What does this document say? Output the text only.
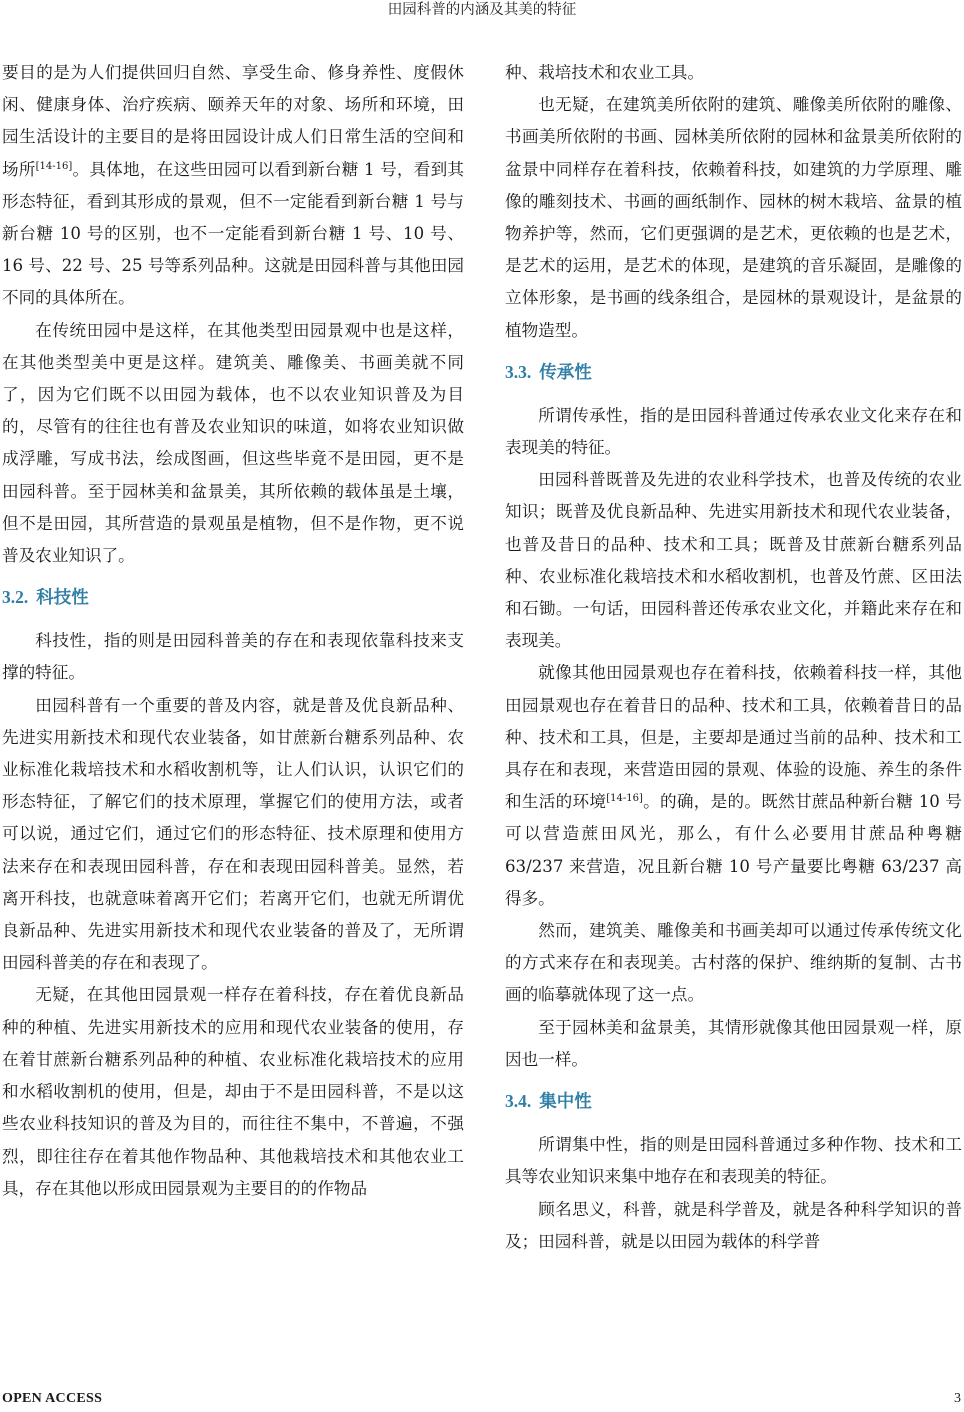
田园科普的内涵及其美的特征

要目的是为人们提供回归自然、享受生命、修身养性、度假休闲、健康身体、治疗疾病、颐养天年的对象、场所和环境，田园生活设计的主要目的是将田园设计成人们日常生活的空间和场所[14-16]。具体地，在这些田园可以看到新台糖 1 号，看到其形态特征，看到其形成的景观，但不一定能看到新台糖 1 号与新台糖 10 号的区别，也不一定能看到新台糖 1 号、10 号、16 号、22 号、25 号等系列品种。这就是田园科普与其他田园不同的具体所在。

在传统田园中是这样，在其他类型田园景观中也是这样，在其他类型美中更是这样。建筑美、雕像美、书画美就不同了，因为它们既不以田园为载体，也不以农业知识普及为目的，尽管有的往往也有普及农业知识的味道，如将农业知识做成浮雕，写成书法，绘成图画，但这些毕竟不是田园，更不是田园科普。至于园林美和盆景美，其所依赖的载体虽是土壤，但不是田园，其所营造的景观虽是植物，但不是作物，更不说普及农业知识了。

3.2. 科技性

科技性，指的则是田园科普美的存在和表现依靠科技来支撑的特征。

田园科普有一个重要的普及内容，就是普及优良新品种、先进实用新技术和现代农业装备，如甘蔗新台糖系列品种、农业标准化栽培技术和水稻收割机等，让人们认识，认识它们的形态特征，了解它们的技术原理，掌握它们的使用方法，或者可以说，通过它们，通过它们的形态特征、技术原理和使用方法来存在和表现田园科普，存在和表现田园科普美。显然，若离开科技，也就意味着离开它们；若离开它们，也就无所谓优良新品种、先进实用新技术和现代农业装备的普及了，无所谓田园科普美的存在和表现了。

无疑，在其他田园景观一样存在着科技，存在着优良新品种的种植、先进实用新技术的应用和现代农业装备的使用，存在着甘蔗新台糖系列品种的种植、农业标准化栽培技术的应用和水稻收割机的使用，但是，却由于不是田园科普，不是以这些农业科技知识的普及为目的，而往往不集中，不普遍，不强烈，即往往存在着其他作物品种、其他栽培技术和其他农业工具，存在其他以形成田园景观为主要目的的作物品

种、栽培技术和农业工具。

也无疑，在建筑美所依附的建筑、雕像美所依附的雕像、书画美所依附的书画、园林美所依附的园林和盆景美所依附的盆景中同样存在着科技，依赖着科技，如建筑的力学原理、雕像的雕刻技术、书画的画纸制作、园林的树木栽培、盆景的植物养护等，然而，它们更强调的是艺术，更依赖的也是艺术，是艺术的运用，是艺术的体现，是建筑的音乐凝固，是雕像的立体形象，是书画的线条组合，是园林的景观设计，是盆景的植物造型。

3.3. 传承性

所谓传承性，指的是田园科普通过传承农业文化来存在和表现美的特征。

田园科普既普及先进的农业科学技术，也普及传统的农业知识；既普及优良新品种、先进实用新技术和现代农业装备，也普及昔日的品种、技术和工具；既普及甘蔗新台糖系列品种、农业标准化栽培技术和水稻收割机，也普及竹蔗、区田法和石锄。一句话，田园科普还传承农业文化，并籍此来存在和表现美。

就像其他田园景观也存在着科技，依赖着科技一样，其他田园景观也存在着昔日的品种、技术和工具，依赖着昔日的品种、技术和工具，但是，主要却是通过当前的品种、技术和工具存在和表现，来营造田园的景观、体验的设施、养生的条件和生活的环境[14-16]。的确，是的。既然甘蔗品种新台糖 10 号可以营造蔗田风光，那么，有什么必要用甘蔗品种粤糖 63/237 来营造，况且新台糖 10 号产量要比粤糖 63/237 高得多。

然而，建筑美、雕像美和书画美却可以通过传承传统文化的方式来存在和表现美。古村落的保护、维纳斯的复制、古书画的临摹就体现了这一点。

至于园林美和盆景美，其情形就像其他田园景观一样，原因也一样。

3.4. 集中性

所谓集中性，指的则是田园科普通过多种作物、技术和工具等农业知识来集中地存在和表现美的特征。

顾名思义，科普，就是科学普及，就是各种科学知识的普及；田园科普，就是以田园为载体的科学普

OPEN ACCESS	3
